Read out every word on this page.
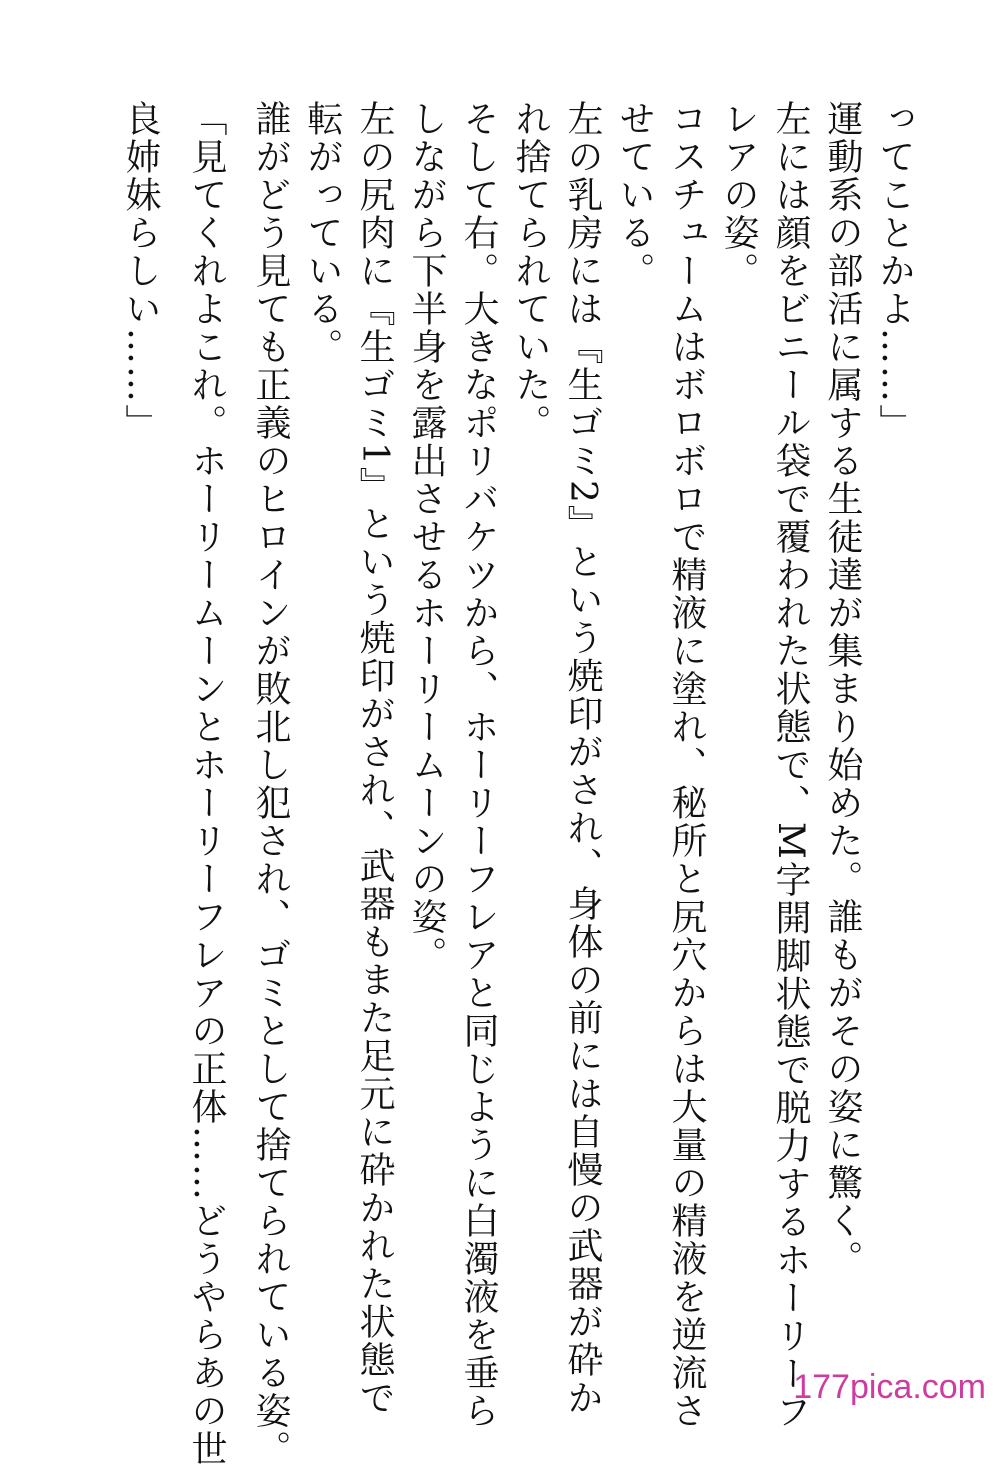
ってことかよ……」
運動系の部活に属する生徒達が集まり始めた。誰もがその姿に驚く。
左には顔をビニール袋で覆われた状態で、M字開脚状態で脱力するホーリーフ
レアの姿。
コスチュームはボロボロで精液に塗れ、秘所と尻穴からは大量の精液を逆流さ
せている。
左の乳房には『生ゴミ2』という焼印がされ、身体の前には自慢の武器が砕か
れ捨てられていた。
そして右。大きなポリバケツから、ホーリーフレアと同じように白濁液を垂ら
しながら下半身を露出させるホーリームーンの姿。
左の尻肉に『生ゴミ1』という焼印がされ、武器もまた足元に砕かれた状態で
転がっている。
誰がどう見ても正義のヒロインが敗北し犯され、ゴミとして捨てられている姿。
「見てくれよこれ。ホーリームーンとホーリーフレアの正体……どうやらあの世
良姉妹らしい……」
177pica.com
